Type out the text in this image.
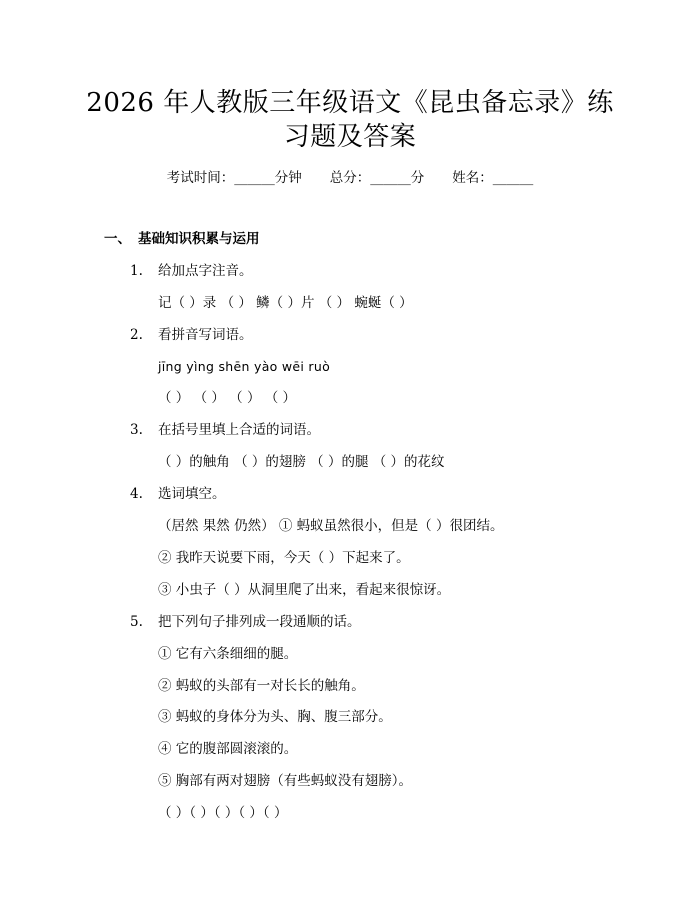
2026 年人教版三年级语文《昆虫备忘录》练
习题及答案
考试时间：______分钟 总分：______分 姓名：______
一、 基础知识积累与运用
1. 给加点字注音。
记（ ）录 （ ） 鳞（ ）片 （ ） 蜿蜒（ ）
2. 看拼音写词语。
jīng yìng shēn yào wēi ruò
（ ） （ ） （ ） （ ）
3. 在括号里填上合适的词语。
（ ）的触角 （ ）的翅膀 （ ）的腿 （ ）的花纹
4. 选词填空。
（居然 果然 仍然） ① 蚂蚁虽然很小，但是（ ）很团结。
② 我昨天说要下雨，今天（ ）下起来了。
③ 小虫子（ ）从洞里爬了出来，看起来很惊讶。
5. 把下列句子排列成一段通顺的话。
① 它有六条细细的腿。
② 蚂蚁的头部有一对长长的触角。
③ 蚂蚁的身体分为头、胸、腹三部分。
④ 它的腹部圆滚滚的。
⑤ 胸部有两对翅膀（有些蚂蚁没有翅膀）。
（ ）（ ）（ ）（ ）（ ）
